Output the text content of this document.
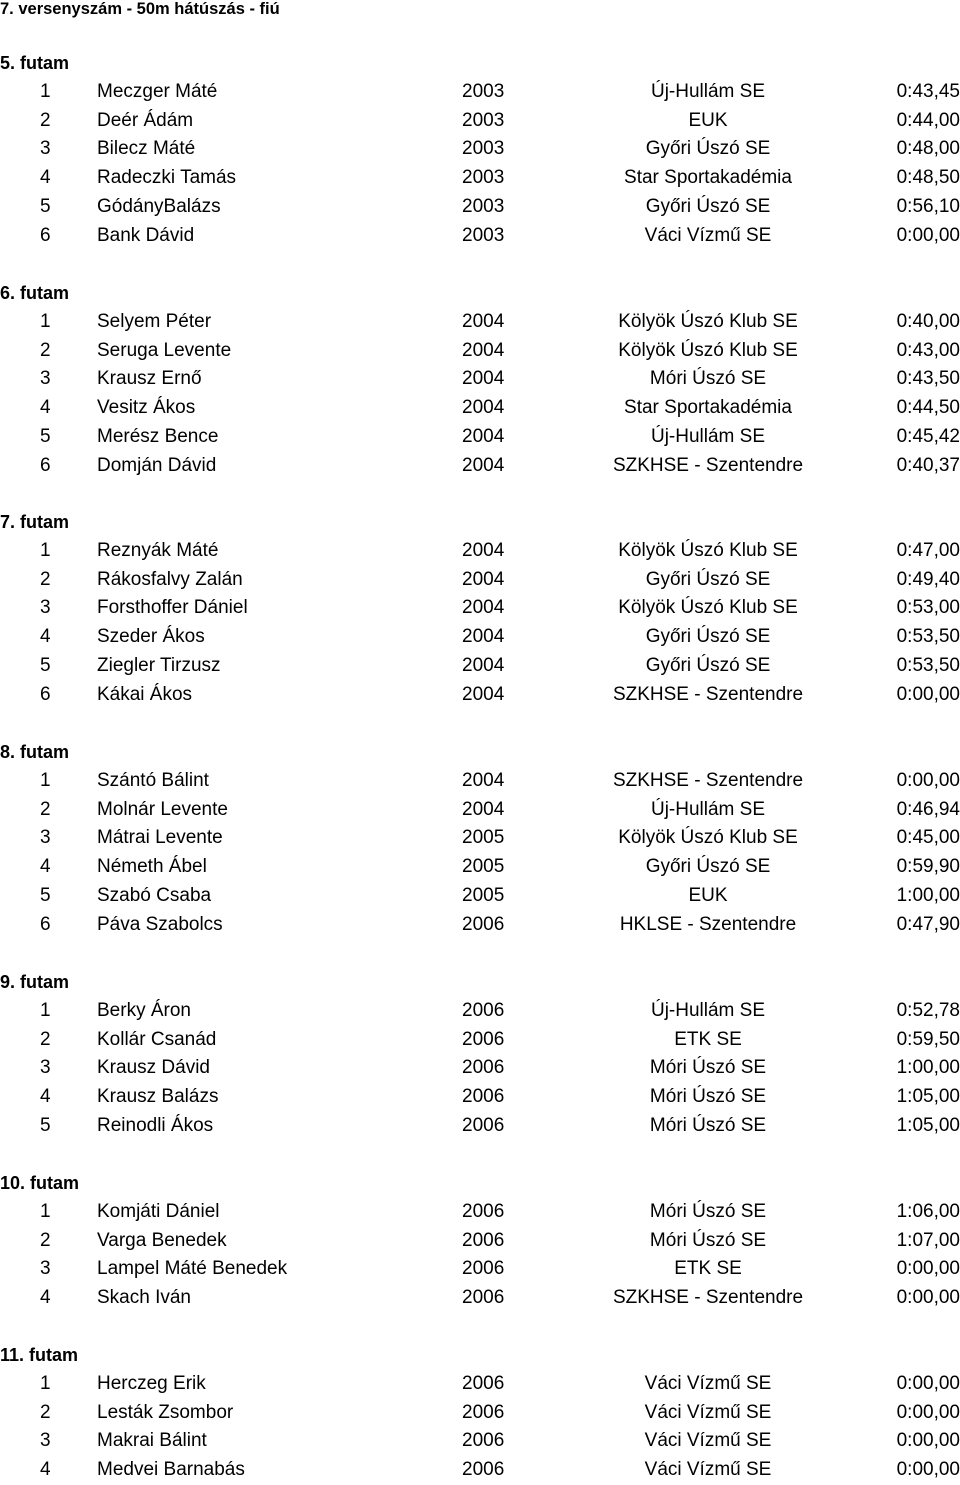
7. versenyszám - 50m hátúszás - fiú
5. futam
1 Meczger Máté	2003	Új-Hullám SE	0:43,45
2 Deér Ádám	2003	EUK	0:44,00
3 Bilecz Máté	2003	Győri Úszó SE	0:48,00
4 Radeczki Tamás	2003	Star Sportakadémia	0:48,50
5 GódányBalázs	2003	Győri Úszó SE	0:56,10
6 Bank Dávid	2003	Váci Vízmű SE	0:00,00
6. futam
1 Selyem Péter	2004	Kölyök Úszó Klub SE	0:40,00
2 Seruga Levente	2004	Kölyök Úszó Klub SE	0:43,00
3 Krausz Ernő	2004	Móri Úszó SE	0:43,50
4 Vesitz Ákos	2004	Star Sportakadémia	0:44,50
5 Merész Bence	2004	Új-Hullám SE	0:45,42
6 Domján Dávid	2004	SZKHSE - Szentendre	0:40,37
7. futam
1 Reznyák Máté	2004	Kölyök Úszó Klub SE	0:47,00
2 Rákosfalvy Zalán	2004	Győri Úszó SE	0:49,40
3 Forsthoffer Dániel	2004	Kölyök Úszó Klub SE	0:53,00
4 Szeder Ákos	2004	Győri Úszó SE	0:53,50
5 Ziegler Tirzusz	2004	Győri Úszó SE	0:53,50
6 Kákai Ákos	2004	SZKHSE - Szentendre	0:00,00
8. futam
1 Szántó Bálint	2004	SZKHSE - Szentendre	0:00,00
2 Molnár Levente	2004	Új-Hullám SE	0:46,94
3 Mátrai Levente	2005	Kölyök Úszó Klub SE	0:45,00
4 Németh Ábel	2005	Győri Úszó SE	0:59,90
5 Szabó Csaba	2005	EUK	1:00,00
6 Páva Szabolcs	2006	HKLSE - Szentendre	0:47,90
9. futam
1 Berky Áron	2006	Új-Hullám SE	0:52,78
2 Kollár Csanád	2006	ETK SE	0:59,50
3 Krausz Dávid	2006	Móri Úszó SE	1:00,00
4 Krausz Balázs	2006	Móri Úszó SE	1:05,00
5 Reinodli Ákos	2006	Móri Úszó SE	1:05,00
10. futam
1 Komjáti Dániel	2006	Móri Úszó SE	1:06,00
2 Varga Benedek	2006	Móri Úszó SE	1:07,00
3 Lampel Máté Benedek	2006	ETK SE	0:00,00
4 Skach Iván	2006	SZKHSE - Szentendre	0:00,00
11. futam
1 Herczeg Erik	2006	Váci Vízmű SE	0:00,00
2 Lesták Zsombor	2006	Váci Vízmű SE	0:00,00
3 Makrai Bálint	2006	Váci Vízmű SE	0:00,00
4 Medvei Barnabás	2006	Váci Vízmű SE	0:00,00
